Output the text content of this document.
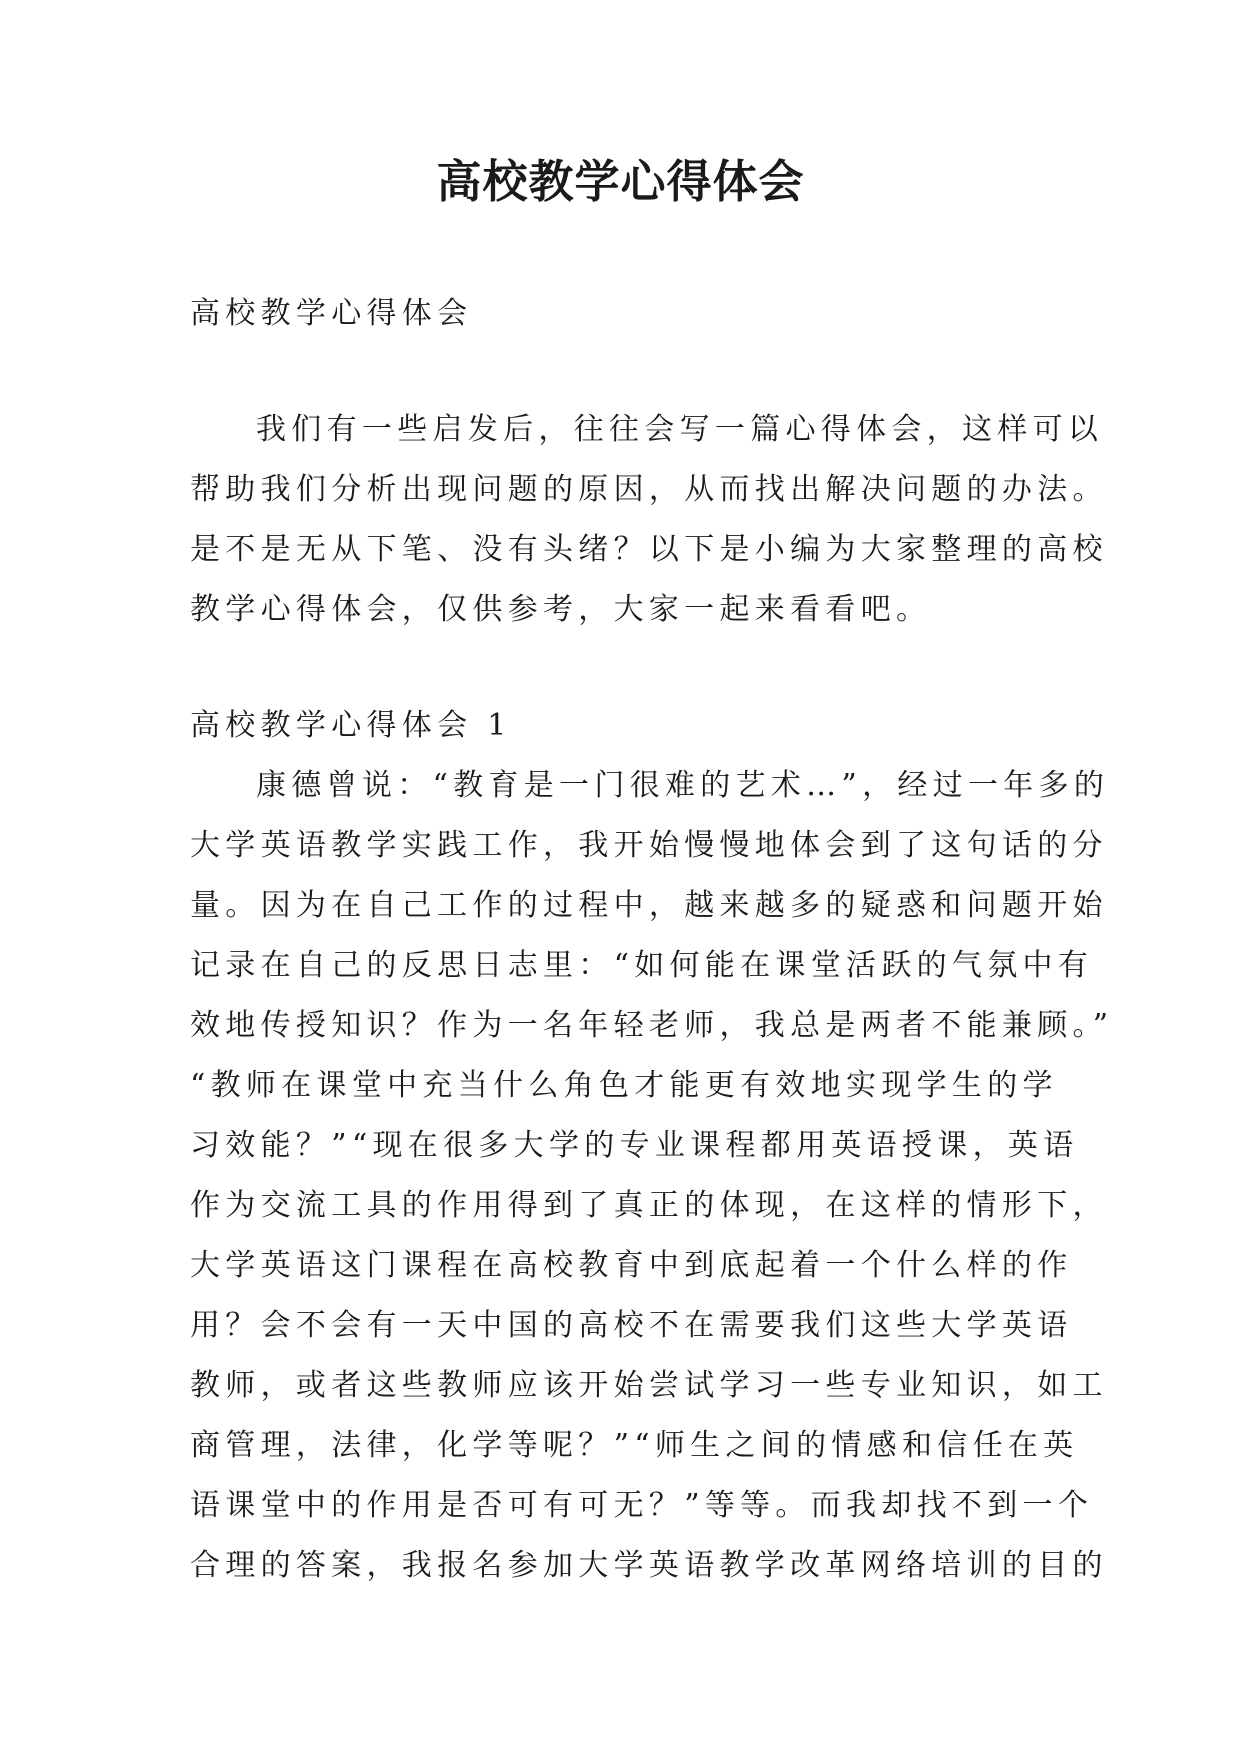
高校教学心得体会

高校教学心得体会

我们有一些启发后，往往会写一篇心得体会，这样可以

帮助我们分析出现问题的原因，从而找出解决问题的办法。

是不是无从下笔、没有头绪？以下是小编为大家整理的高校

教学心得体会，仅供参考，大家一起来看看吧。

高校教学心得体会 1

康德曾说：“教育是一门很难的艺术…”，经过一年多的

大学英语教学实践工作，我开始慢慢地体会到了这句话的分

量。因为在自己工作的过程中，越来越多的疑惑和问题开始

记录在自己的反思日志里：“如何能在课堂活跃的气氛中有

效地传授知识？作为一名年轻老师，我总是两者不能兼顾。”

“教师在课堂中充当什么角色才能更有效地实现学生的学

习效能？”“现在很多大学的专业课程都用英语授课，英语

作为交流工具的作用得到了真正的体现，在这样的情形下，

大学英语这门课程在高校教育中到底起着一个什么样的作

用？会不会有一天中国的高校不在需要我们这些大学英语

教师，或者这些教师应该开始尝试学习一些专业知识，如工

商管理，法律，化学等呢？”“师生之间的情感和信任在英

语课堂中的作用是否可有可无？”等等。而我却找不到一个

合理的答案，我报名参加大学英语教学改革网络培训的目的
